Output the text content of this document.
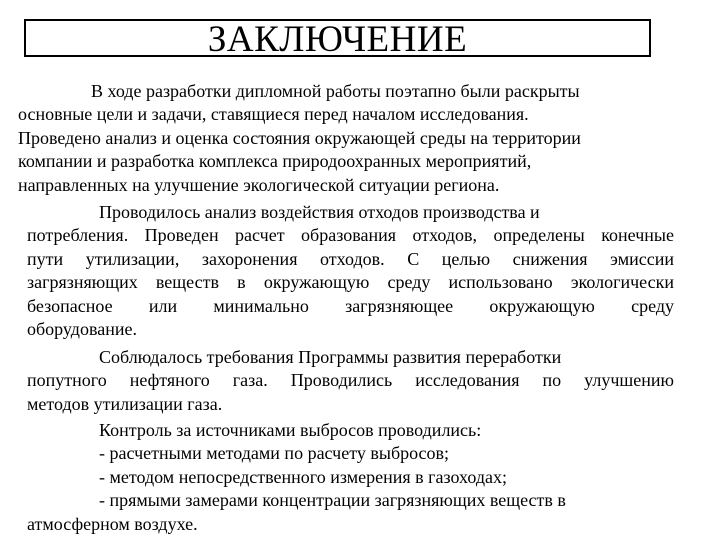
ЗАКЛЮЧЕНИЕ
В ходе разработки дипломной работы поэтапно были раскрыты
основные цели и задачи, ставящиеся перед началом исследования.
Проведено анализ и оценка состояния окружающей среды на территории
компании и разработка комплекса природоохранных мероприятий,
направленных на улучшение экологической ситуации региона.
Проводилось анализ воздействия отходов производства и
потребления. Проведен расчет образования отходов, определены конечные
пути утилизации, захоронения отходов. С целью снижения эмиссии
загрязняющих веществ в окружающую среду использовано экологически
безопасное или минимально загрязняющее окружающую среду
оборудование.
Соблюдалось требования Программы развития переработки
попутного нефтяного газа. Проводились исследования по улучшению
методов утилизации газа.
Контроль за источниками выбросов проводились:
- расчетными методами по расчету выбросов;
- методом непосредственного измерения в газоходах;
- прямыми замерами концентрации загрязняющих веществ в
атмосферном воздухе.
